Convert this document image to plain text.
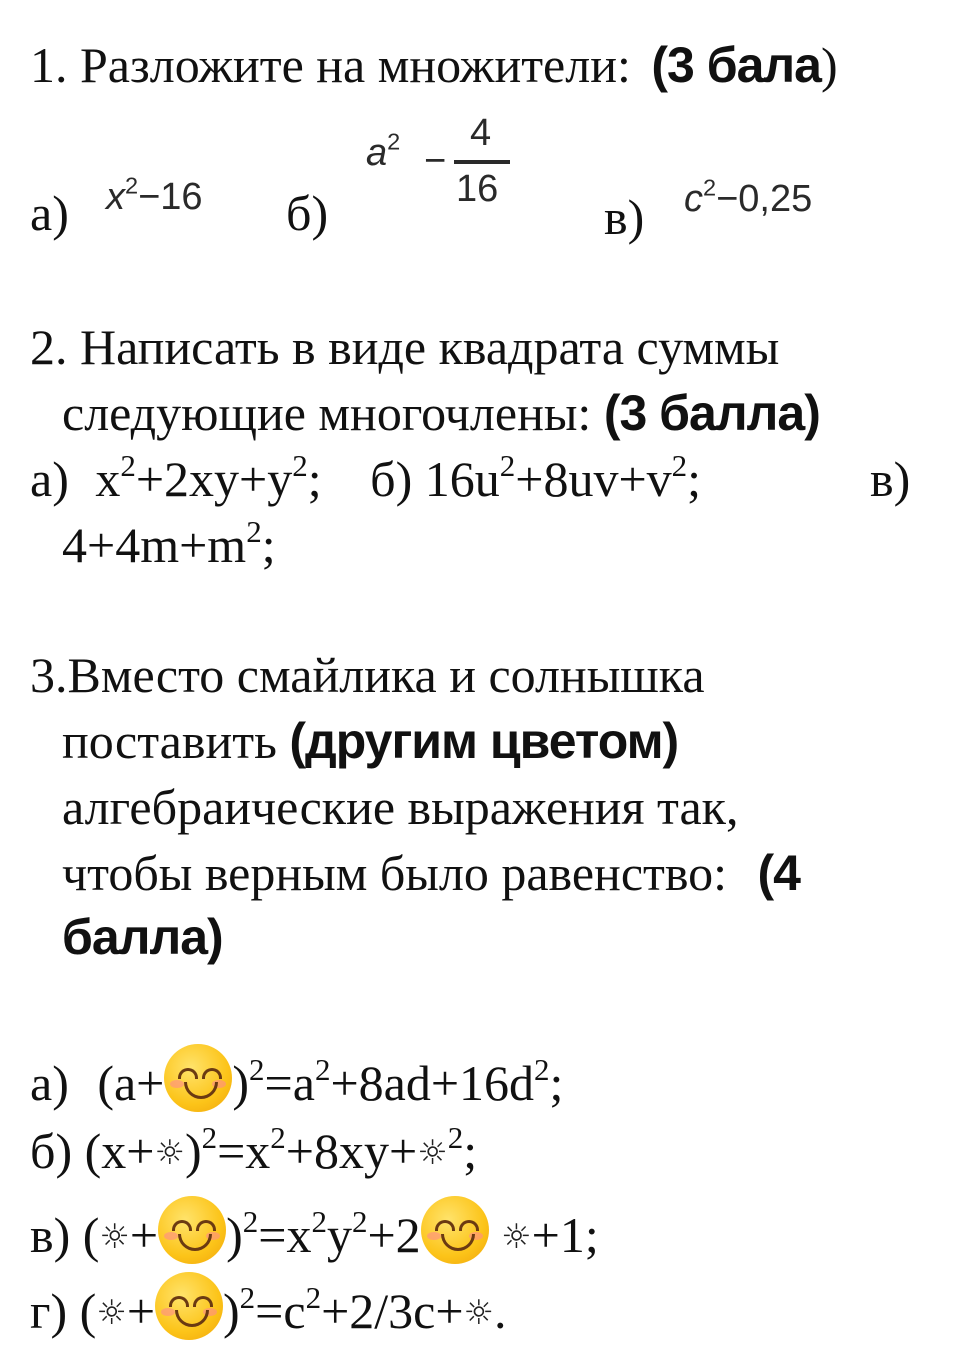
1. Разложите на множители: (3 бала)
а) $x^2-16$ б)
$a^2$ −
4
16 в) $c^2-0,25$
2. Написать в виде квадрата суммы
следующие многочлены: (3 балла)
а) $x^2+2xy+y^2$; б) $16u^2+8uv+v^2$;	в)
$4+4m+m^2$;
3.Вместо смайлика и солнышка
поставить (другим цветом)
алгебраические выражения так,
чтобы верным было равенство: (4
балла)
а) $(a+ )^2=a^2+8ad+16d^2$;
б) $(x+☼)^2=x^2+8xy+☼^2$;
в) (☼+ )$^2=x^2y^2+2$ ☼+1;
г) (☼+ )$^2=c^2+2/3c+☼$.
